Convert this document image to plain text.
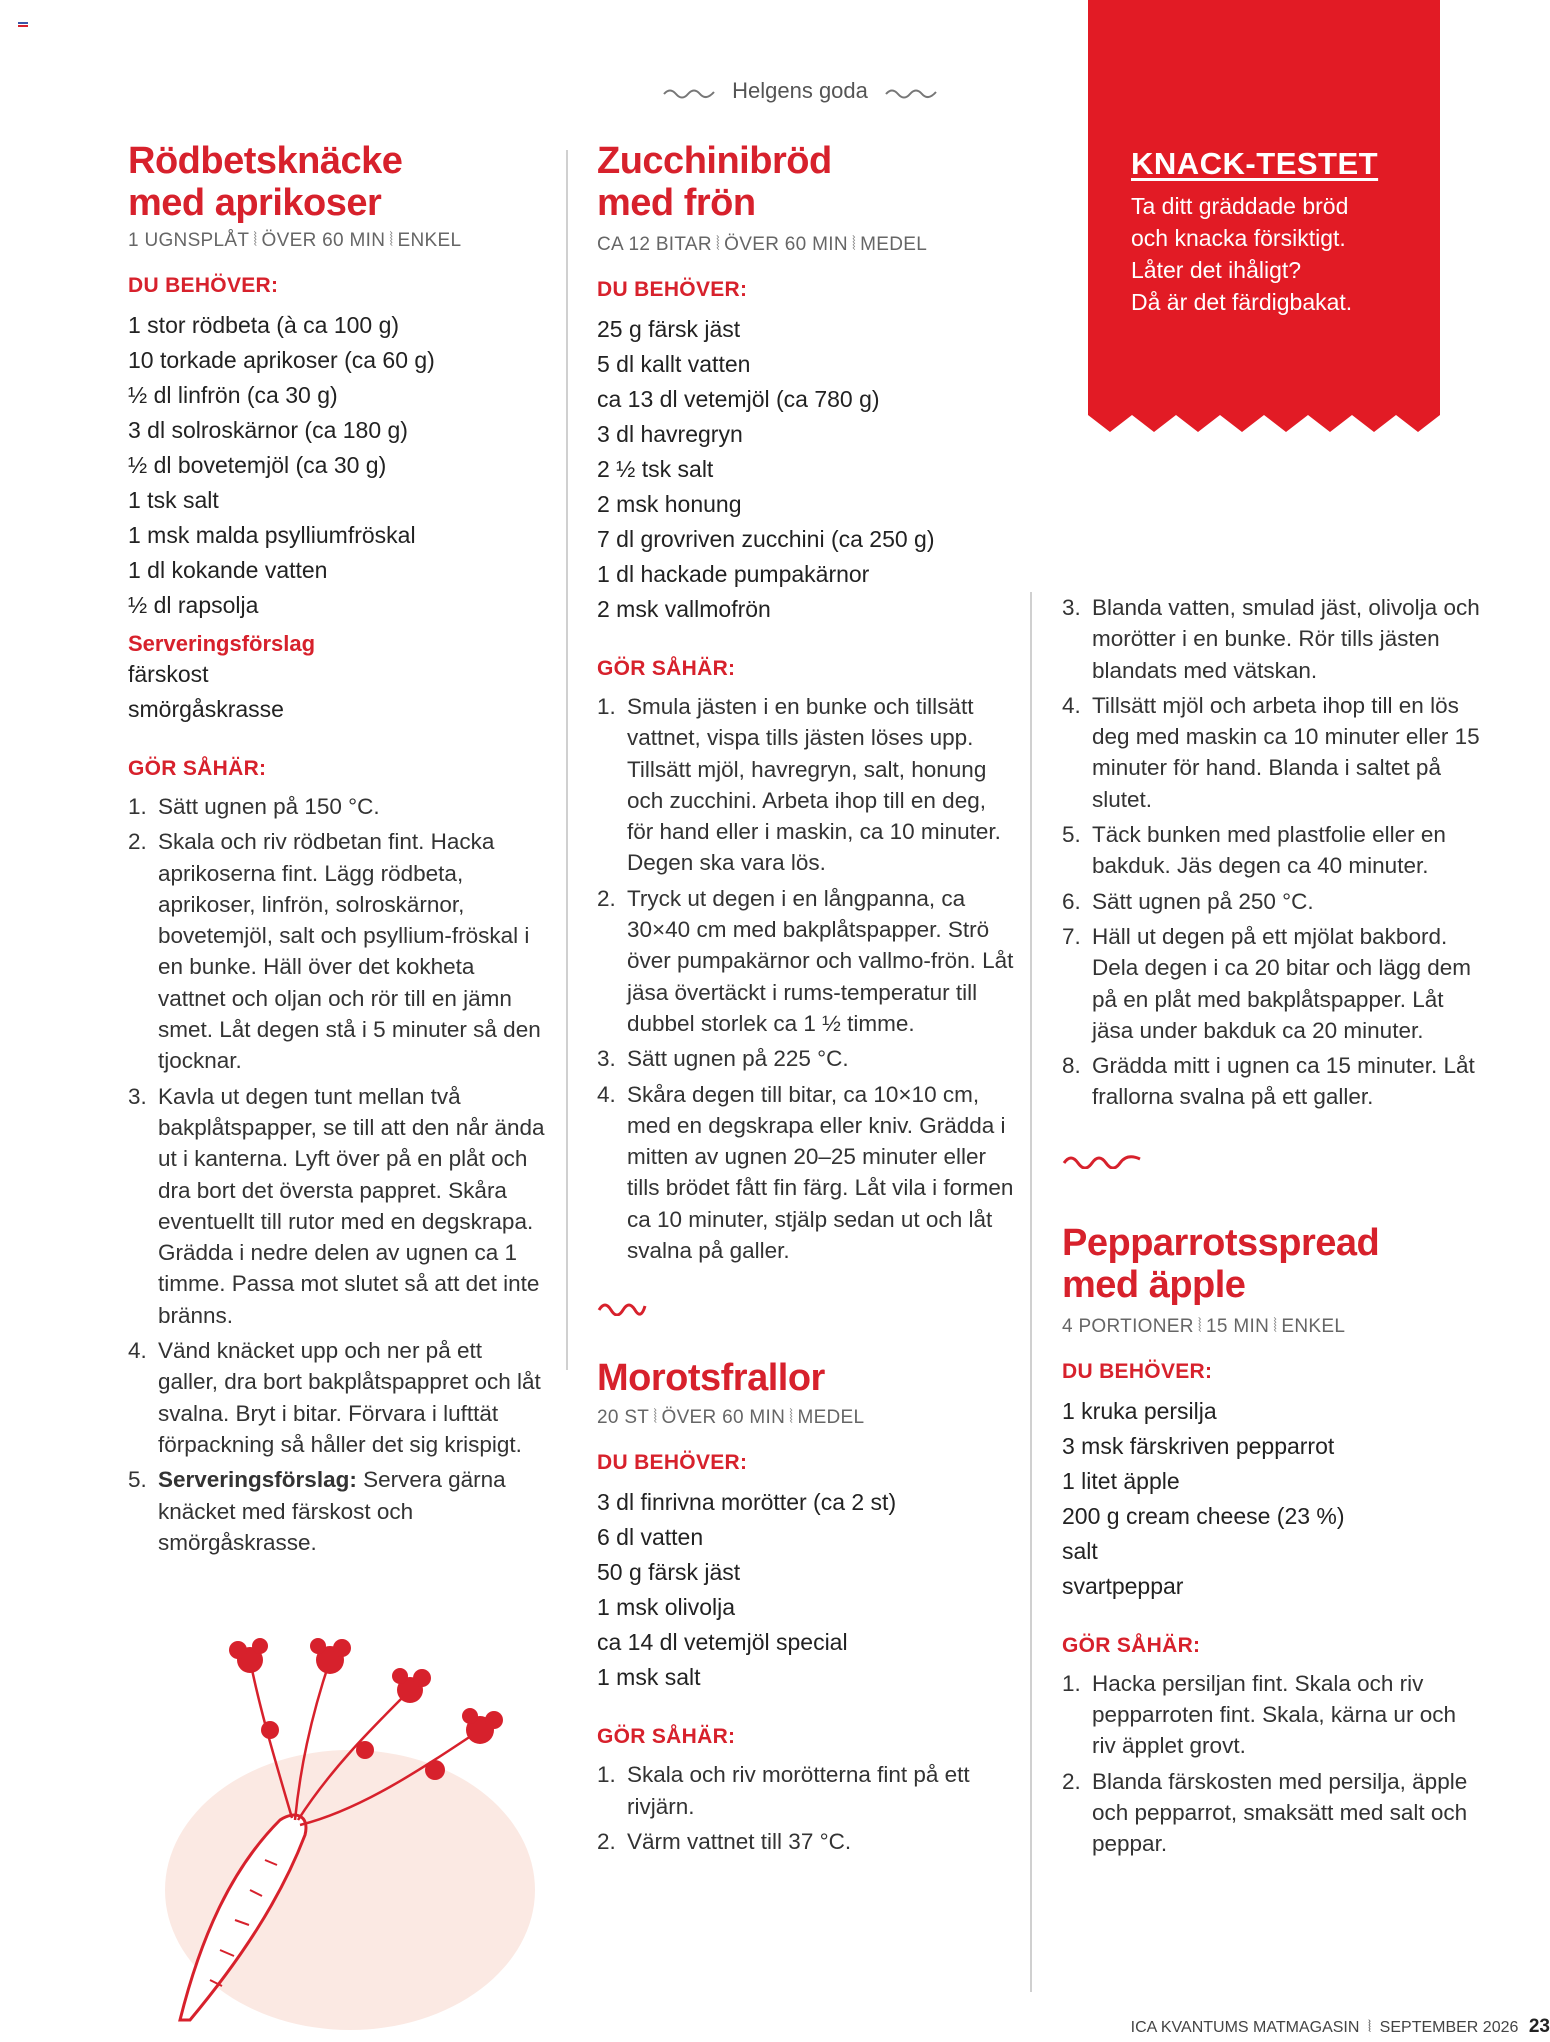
Helgens goda
KNACK-TESTET
Ta ditt gräddade bröd
och knacka försiktigt.
Låter det ihåligt?
Då är det färdigbakat.
Rödbetsknäcke
med aprikoser
1 UGNSPLÅT ⦚ ÖVER 60 MIN ⦚ ENKEL
DU BEHÖVER:
1 stor rödbeta (à ca 100 g)
10 torkade aprikoser (ca 60 g)
½ dl linfrön (ca 30 g)
3 dl solroskärnor (ca 180 g)
½ dl bovetemjöl (ca 30 g)
1 tsk salt
1 msk malda psylliumfröskal
1 dl kokande vatten
½ dl rapsolja
Serveringsförslag
färskost
smörgåskrasse
GÖR SÅHÄR:
1. Sätt ugnen på 150 °C.
2. Skala och riv rödbetan fint. Hacka aprikoserna fint. Lägg rödbeta, aprikoser, linfrön, solroskärnor, bovetemjöl, salt och psyllium-fröskal i en bunke. Häll över det kokheta vattnet och oljan och rör till en jämn smet. Låt degen stå i 5 minuter så den tjocknar.
3. Kavla ut degen tunt mellan två bakplåtspapper, se till att den når ända ut i kanterna. Lyft över på en plåt och dra bort det översta pappret. Skåra eventuellt till rutor med en degskrapa. Grädda i nedre delen av ugnen ca 1 timme. Passa mot slutet så att det inte bränns.
4. Vänd knäcket upp och ner på ett galler, dra bort bakplåtspappret och låt svalna. Bryt i bitar. Förvara i lufttät förpackning så håller det sig krispigt.
5. Serveringsförslag: Servera gärna knäcket med färskost och smörgåskrasse.
Zucchinibröd
med frön
CA 12 BITAR ⦚ ÖVER 60 MIN ⦚ MEDEL
DU BEHÖVER:
25 g färsk jäst
5 dl kallt vatten
ca 13 dl vetemjöl (ca 780 g)
3 dl havregryn
2 ½ tsk salt
2 msk honung
7 dl grovriven zucchini (ca 250 g)
1 dl hackade pumpakärnor
2 msk vallmofrön
GÖR SÅHÄR:
1. Smula jästen i en bunke och tillsätt vattnet, vispa tills jästen löses upp. Tillsätt mjöl, havregryn, salt, honung och zucchini. Arbeta ihop till en deg, för hand eller i maskin, ca 10 minuter. Degen ska vara lös.
2. Tryck ut degen i en långpanna, ca 30×40 cm med bakplåtspapper. Strö över pumpakärnor och vallmo-frön. Låt jäsa övertäckt i rums-temperatur till dubbel storlek ca 1 ½ timme.
3. Sätt ugnen på 225 °C.
4. Skåra degen till bitar, ca 10×10 cm, med en degskrapa eller kniv. Grädda i mitten av ugnen 20–25 minuter eller tills brödet fått fin färg. Låt vila i formen ca 10 minuter, stjälp sedan ut och låt svalna på galler.
Morotsfrallor
20 ST ⦚ ÖVER 60 MIN ⦚ MEDEL
DU BEHÖVER:
3 dl finrivna morötter (ca 2 st)
6 dl vatten
50 g färsk jäst
1 msk olivolja
ca 14 dl vetemjöl special
1 msk salt
GÖR SÅHÄR:
1. Skala och riv morötterna fint på ett rivjärn.
2. Värm vattnet till 37 °C.
3. Blanda vatten, smulad jäst, olivolja och morötter i en bunke. Rör tills jästen blandats med vätskan.
4. Tillsätt mjöl och arbeta ihop till en lös deg med maskin ca 10 minuter eller 15 minuter för hand. Blanda i saltet på slutet.
5. Täck bunken med plastfolie eller en bakduk. Jäs degen ca 40 minuter.
6. Sätt ugnen på 250 °C.
7. Häll ut degen på ett mjölat bakbord. Dela degen i ca 20 bitar och lägg dem på en plåt med bakplåtspapper. Låt jäsa under bakduk ca 20 minuter.
8. Grädda mitt i ugnen ca 15 minuter. Låt frallorna svalna på ett galler.
Pepparrotsspread
med äpple
4 PORTIONER ⦚ 15 MIN ⦚ ENKEL
DU BEHÖVER:
1 kruka persilja
3 msk färskriven pepparrot
1 litet äpple
200 g cream cheese (23 %)
salt
svartpeppar
GÖR SÅHÄR:
1. Hacka persiljan fint. Skala och riv pepparroten fint. Skala, kärna ur och riv äpplet grovt.
2. Blanda färskosten med persilja, äpple och pepparrot, smaksätt med salt och peppar.
ICA KVANTUMS MATMAGASIN ⦚ SEPTEMBER 2026 23
